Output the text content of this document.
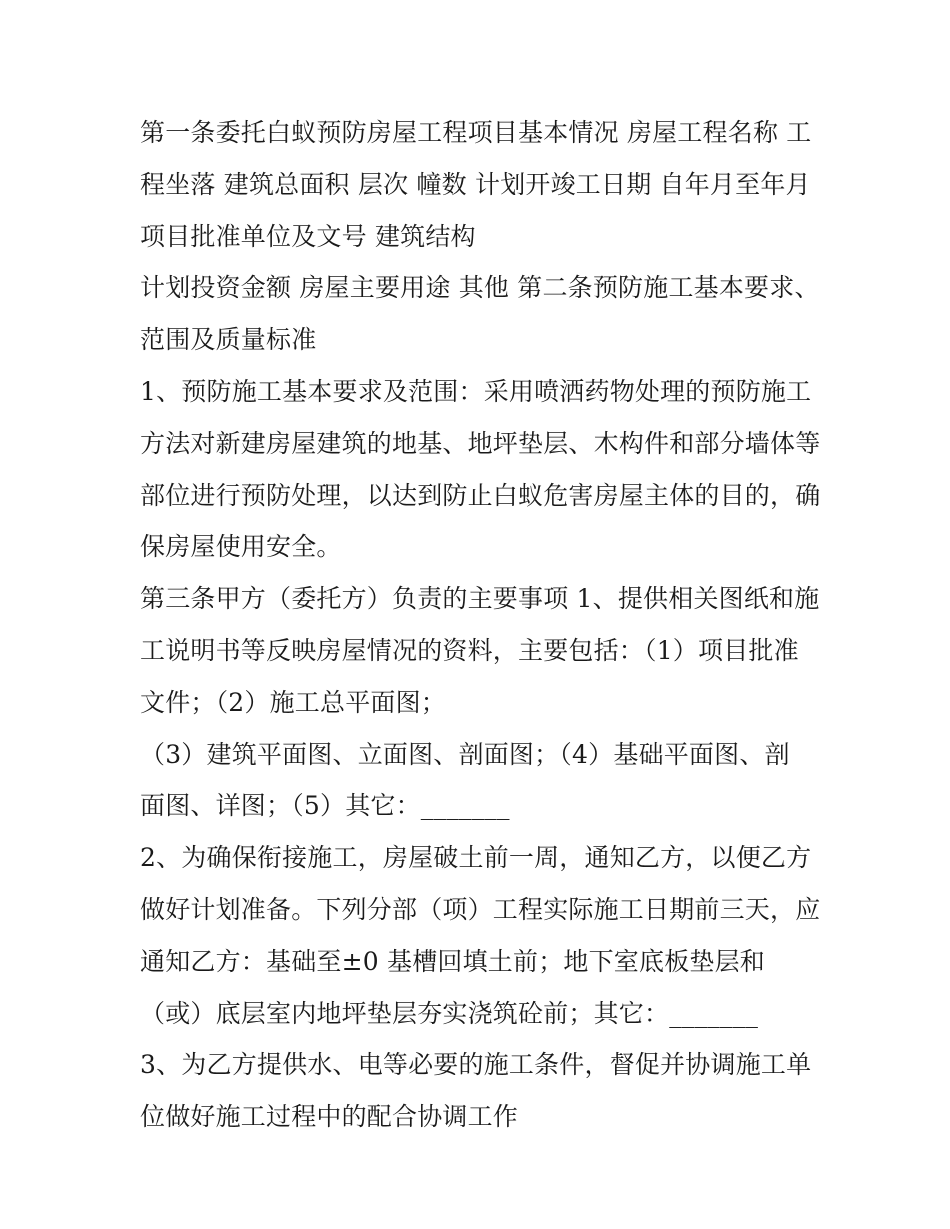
第一条委托白蚁预防房屋工程项目基本情况 房屋工程名称 工
程坐落 建筑总面积 层次 幢数 计划开竣工日期 自年月至年月
项目批准单位及文号 建筑结构
计划投资金额 房屋主要用途 其他 第二条预防施工基本要求、
范围及质量标准
1、预防施工基本要求及范围：采用喷洒药物处理的预防施工
方法对新建房屋建筑的地基、地坪垫层、木构件和部分墙体等
部位进行预防处理，以达到防止白蚁危害房屋主体的目的，确
保房屋使用安全。
第三条甲方（委托方）负责的主要事项 1、提供相关图纸和施
工说明书等反映房屋情况的资料，主要包括：（1）项目批准
文件；（2）施工总平面图；
（3）建筑平面图、立面图、剖面图；（4）基础平面图、剖
面图、详图；（5）其它：_______
2、为确保衔接施工，房屋破土前一周，通知乙方，以便乙方
做好计划准备。下列分部（项）工程实际施工日期前三天，应
通知乙方：基础至±0 基槽回填土前；地下室底板垫层和
（或）底层室内地坪垫层夯实浇筑砼前；其它：_______
3、为乙方提供水、电等必要的施工条件，督促并协调施工单
位做好施工过程中的配合协调工作
